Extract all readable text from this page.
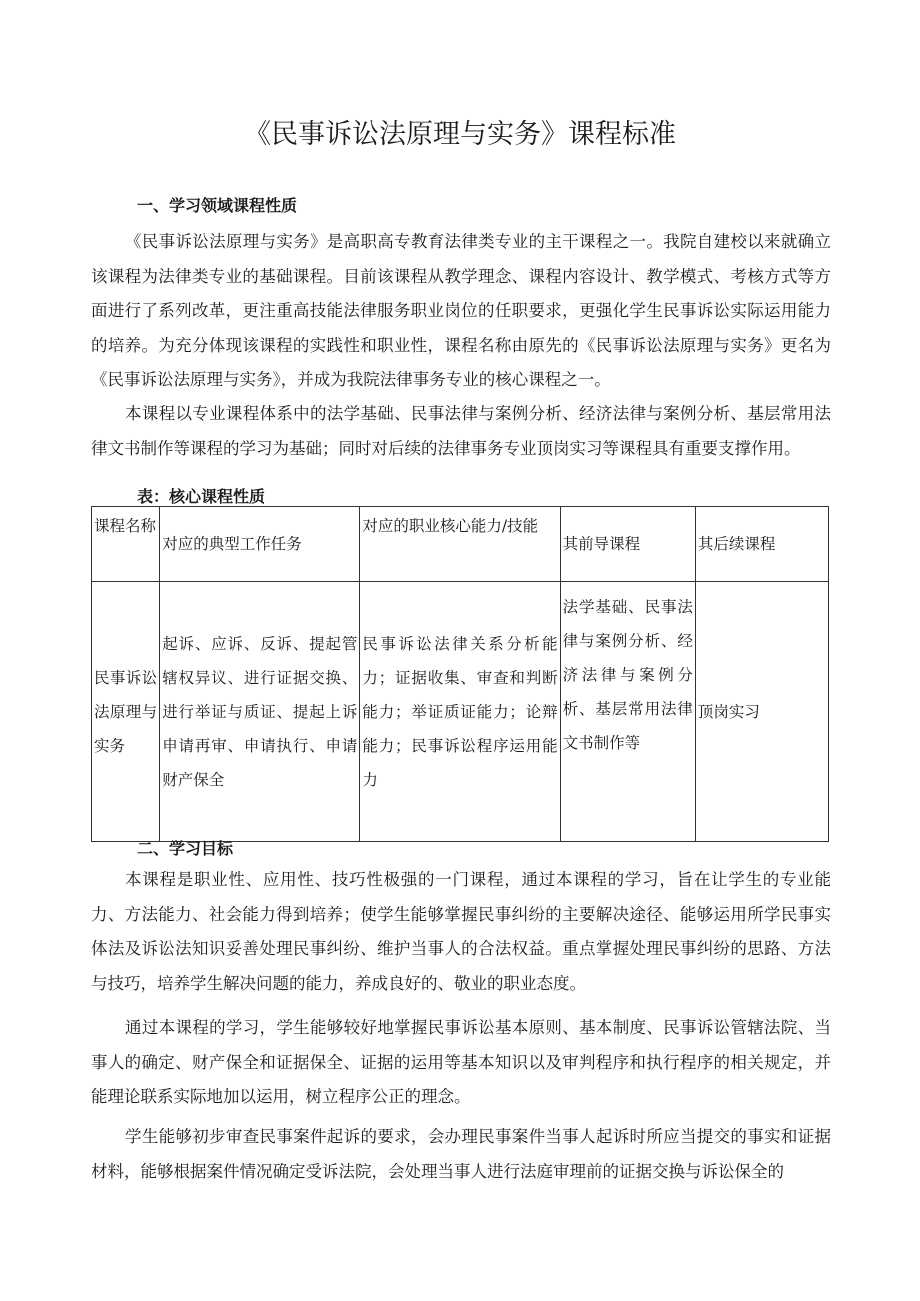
《民事诉讼法原理与实务》课程标准
一、学习领域课程性质

《民事诉讼法原理与实务》是高职高专教育法律类专业的主干课程之一。我院自建校以来就确立该课程为法律类专业的基础课程。目前该课程从教学理念、课程内容设计、教学模式、考核方式等方面进行了系列改革，更注重高技能法律服务职业岗位的任职要求，更强化学生民事诉讼实际运用能力的培养。为充分体现该课程的实践性和职业性，课程名称由原先的《民事诉讼法原理与实务》更名为《民事诉讼法原理与实务》，并成为我院法律事务专业的核心课程之一。

本课程以专业课程体系中的法学基础、民事法律与案例分析、经济法律与案例分析、基层常用法律文书制作等课程的学习为基础；同时对后续的法律事务专业顶岗实习等课程具有重要支撑作用。

表：核心课程性质
课程名称	对应的典型工作任务	对应的职业核心能力/技能	其前导课程	其后续课程
民事诉讼法原理与实务	起诉、应诉、反诉、提起管辖权异议、进行证据交换、进行举证与质证、提起上诉申请再审、申请执行、申请财产保全	民事诉讼法律关系分析能力；证据收集、审查和判断能力；举证质证能力；论辩能力；民事诉讼程序运用能力	法学基础、民事法律与案例分析、经济法律与案例分析、基层常用法律文书制作等	顶岗实习
二、学习目标

本课程是职业性、应用性、技巧性极强的一门课程，通过本课程的学习，旨在让学生的专业能力、方法能力、社会能力得到培养；使学生能够掌握民事纠纷的主要解决途径、能够运用所学民事实体法及诉讼法知识妥善处理民事纠纷、维护当事人的合法权益。重点掌握处理民事纠纷的思路、方法与技巧，培养学生解决问题的能力，养成良好的、敬业的职业态度。

通过本课程的学习，学生能够较好地掌握民事诉讼基本原则、基本制度、民事诉讼管辖法院、当事人的确定、财产保全和证据保全、证据的运用等基本知识以及审判程序和执行程序的相关规定，并能理论联系实际地加以运用，树立程序公正的理念。

学生能够初步审查民事案件起诉的要求，会办理民事案件当事人起诉时所应当提交的事实和证据材料，能够根据案件情况确定受诉法院，会处理当事人进行法庭审理前的证据交换与诉讼保全的
